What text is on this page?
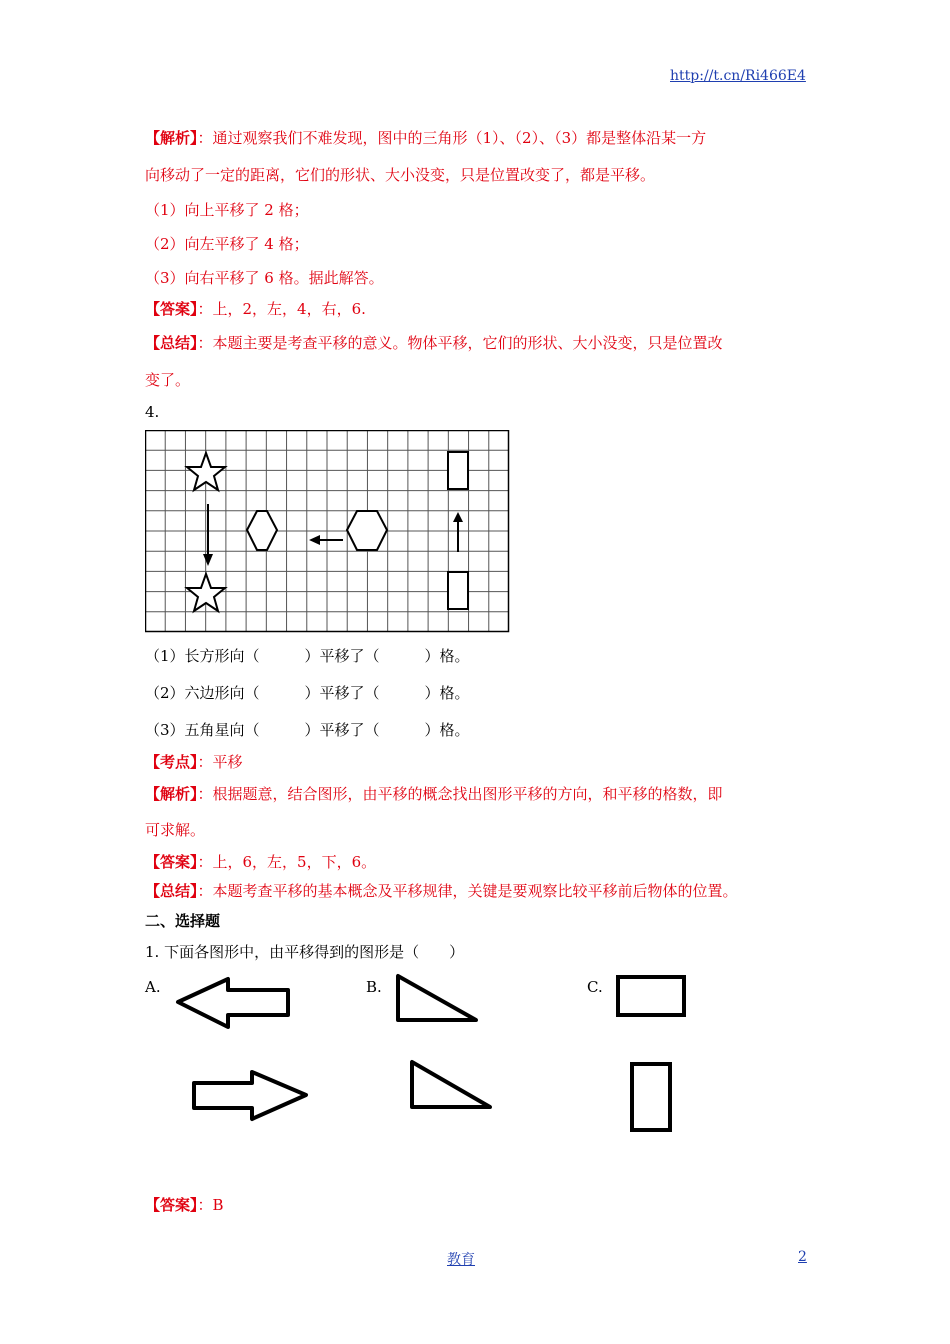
http://t.cn/Ri466E4
【解析】：通过观察我们不难发现，图中的三角形（1）、（2）、（3）都是整体沿某一方
向移动了一定的距离，它们的形状、大小没变，只是位置改变了，都是平移。
（1）向上平移了 2 格；
（2）向左平移了 4 格；
（3）向右平移了 6 格。据此解答。
【答案】：上，2，左，4，右，6.
【总结】：本题主要是考查平移的意义。物体平移，它们的形状、大小没变，只是位置改
变了。
4.
（1）长方形向（　　　）平移了（　　　）格。
（2）六边形向（　　　）平移了（　　　）格。
（3）五角星向（　　　）平移了（　　　）格。
【考点】：平移
【解析】：根据题意，结合图形，由平移的概念找出图形平移的方向，和平移的格数，即
可求解。
【答案】：上，6，左，5，下，6。
【总结】：本题考查平移的基本概念及平移规律，关键是要观察比较平移前后物体的位置。
二、选择题
1. 下面各图形中，由平移得到的图形是（　　）
A.	B.	C.
【答案】：B
教育	2
